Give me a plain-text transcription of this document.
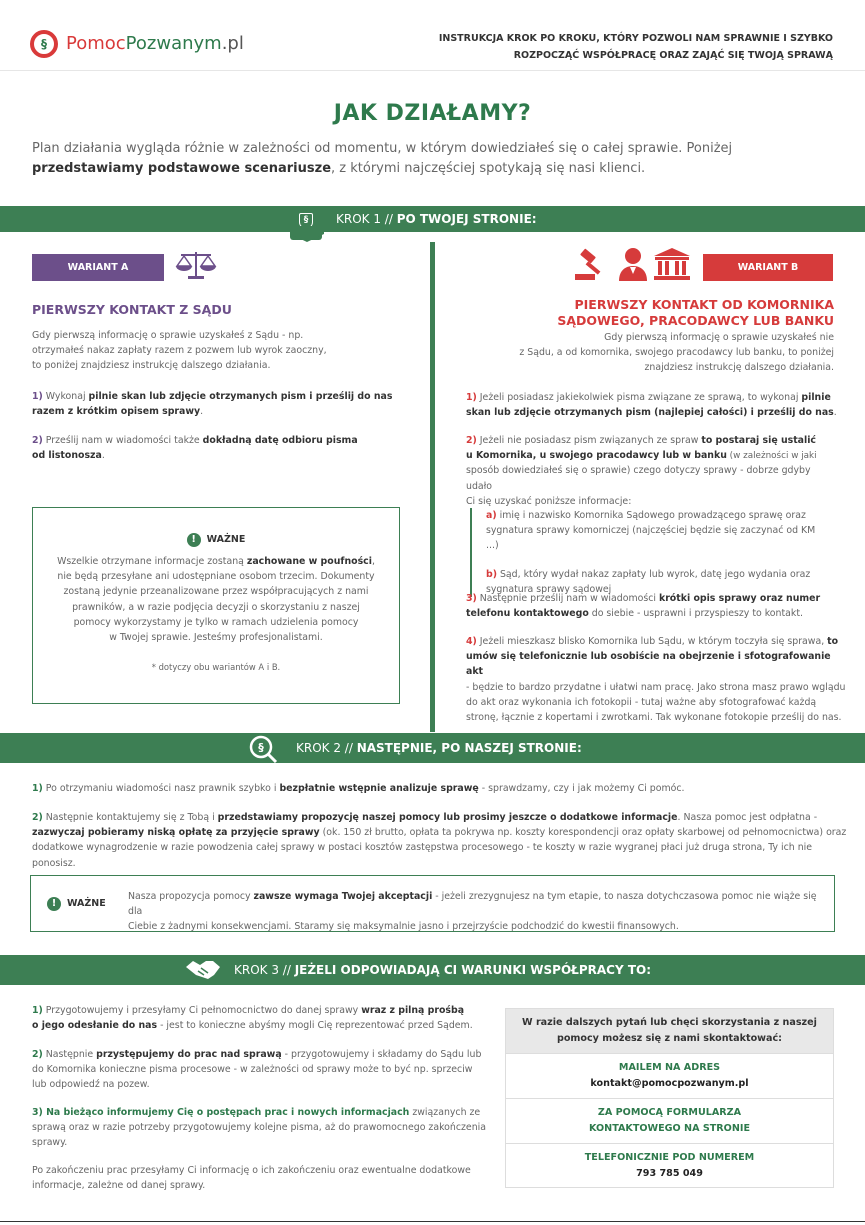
§	PomocPozwanym.pl	INSTRUKCJA KROK PO KROKU, KTÓRY POZWOLI NAM SPRAWNIE I SZYBKO
ROZPOCZĄĆ WSPÓŁPRACĘ ORAZ ZAJĄĆ SIĘ TWOJĄ SPRAWĄ
JAK DZIAŁAMY?
Plan działania wygląda różnie w zależności od momentu, w którym dowiedziałeś się o całej sprawie. Poniżej przedstawiamy podstawowe scenariusze, z którymi najczęściej spotykają się nasi klienci.
KROK 1 // PO TWOJEJ STRONIE:
§
WARIANT A
PIERWSZY KONTAKT Z SĄDU
Gdy pierwszą informację o sprawie uzyskałeś z Sądu - np.
otrzymałeś nakaz zapłaty razem z pozwem lub wyrok zaoczny,
to poniżej znajdziesz instrukcję dalszego działania.
1) Wykonaj pilnie skan lub zdjęcie otrzymanych pism i prześlij do nas
razem z krótkim opisem sprawy.
2) Prześlij nam w wiadomości także dokładną datę odbioru pisma
od listonosza.
!	WAŻNE
Wszelkie otrzymane informacje zostaną zachowane w poufności,
nie będą przesyłane ani udostępniane osobom trzecim. Dokumenty
zostaną jedynie przeanalizowane przez współpracujących z nami
prawników, a w razie podjęcia decyzji o skorzystaniu z naszej
pomocy wykorzystamy je tylko w ramach udzielenia pomocy
w Twojej sprawie. Jesteśmy profesjonalistami.
* dotyczy obu wariantów A i B.
WARIANT B
PIERWSZY KONTAKT OD KOMORNIKA
SĄDOWEGO, PRACODAWCY LUB BANKU
Gdy pierwszą informację o sprawie uzyskałeś nie
z Sądu, a od komornika, swojego pracodawcy lub banku, to poniżej
znajdziesz instrukcję dalszego działania.
1) Jeżeli posiadasz jakiekolwiek pisma związane ze sprawą, to wykonaj pilnie
skan lub zdjęcie otrzymanych pism (najlepiej całości) i prześlij do nas.
2) Jeżeli nie posiadasz pism związanych ze spraw to postaraj się ustalić
u Komornika, u swojego pracodawcy lub w banku (w zależności w jaki
sposób dowiedziałeś się o sprawie) czego dotyczy sprawy - dobrze gdyby udało
Ci się uzyskać poniższe informacje:
a) imię i nazwisko Komornika Sądowego prowadzącego sprawę oraz
sygnatura sprawy komorniczej (najczęściej będzie się zaczynać od KM ...)
b) Sąd, który wydał nakaz zapłaty lub wyrok, datę jego wydania oraz
sygnatura sprawy sądowej
3) Następnie prześlij nam w wiadomości krótki opis sprawy oraz numer
telefonu kontaktowego do siebie - usprawni i przyspieszy to kontakt.
4) Jeżeli mieszkasz blisko Komornika lub Sądu, w którym toczyła się sprawa, to
umów się telefonicznie lub osobiście na obejrzenie i sfotografowanie akt
- będzie to bardzo przydatne i ułatwi nam pracę. Jako strona masz prawo wglądu
do akt oraz wykonania ich fotokopii - tutaj ważne aby sfotografować każdą
stronę, łącznie z kopertami i zwrotkami. Tak wykonane fotokopie prześlij do nas.
KROK 2 // NASTĘPNIE, PO NASZEJ STRONIE:
§
1) Po otrzymaniu wiadomości nasz prawnik szybko i bezpłatnie wstępnie analizuje sprawę - sprawdzamy, czy i jak możemy Ci pomóc.
2) Następnie kontaktujemy się z Tobą i przedstawiamy propozycję naszej pomocy lub prosimy jeszcze o dodatkowe informacje. Nasza pomoc jest odpłatna -
zazwyczaj pobieramy niską opłatę za przyjęcie sprawy (ok. 150 zł brutto, opłata ta pokrywa np. koszty korespondencji oraz opłaty skarbowej od pełnomocnictwa) oraz
dodatkowe wynagrodzenie w razie powodzenia całej sprawy w postaci kosztów zastępstwa procesowego - te koszty w razie wygranej płaci już druga strona, Ty ich nie ponosisz.
!	WAŻNE
Nasza propozycja pomocy zawsze wymaga Twojej akceptacji - jeżeli zrezygnujesz na tym etapie, to nasza dotychczasowa pomoc nie wiąże się dla
Ciebie z żadnymi konsekwencjami. Staramy się maksymalnie jasno i przejrzyście podchodzić do kwestii finansowych.
KROK 3 // JEŻELI ODPOWIADAJĄ CI WARUNKI WSPÓŁPRACY TO:
1) Przygotowujemy i przesyłamy Ci pełnomocnictwo do danej sprawy wraz z pilną prośbą
o jego odesłanie do nas - jest to konieczne abyśmy mogli Cię reprezentować przed Sądem.
2) Następnie przystępujemy do prac nad sprawą - przygotowujemy i składamy do Sądu lub
do Komornika konieczne pisma procesowe - w zależności od sprawy może to być np. sprzeciw
lub odpowiedź na pozew.
3) Na bieżąco informujemy Cię o postępach prac i nowych informacjach związanych ze
sprawą oraz w razie potrzeby przygotowujemy kolejne pisma, aż do prawomocnego zakończenia
sprawy.
Po zakończeniu prac przesyłamy Ci informację o ich zakończeniu oraz ewentualne dodatkowe
informacje, zależne od danej sprawy.
W razie dalszych pytań lub chęci skorzystania z naszej
pomocy możesz się z nami skontaktować:
MAILEM NA ADRES
kontakt@pomocpozwanym.pl
ZA POMOCĄ FORMULARZA
KONTAKTOWEGO NA STRONIE
TELEFONICZNIE POD NUMEREM
793 785 049
